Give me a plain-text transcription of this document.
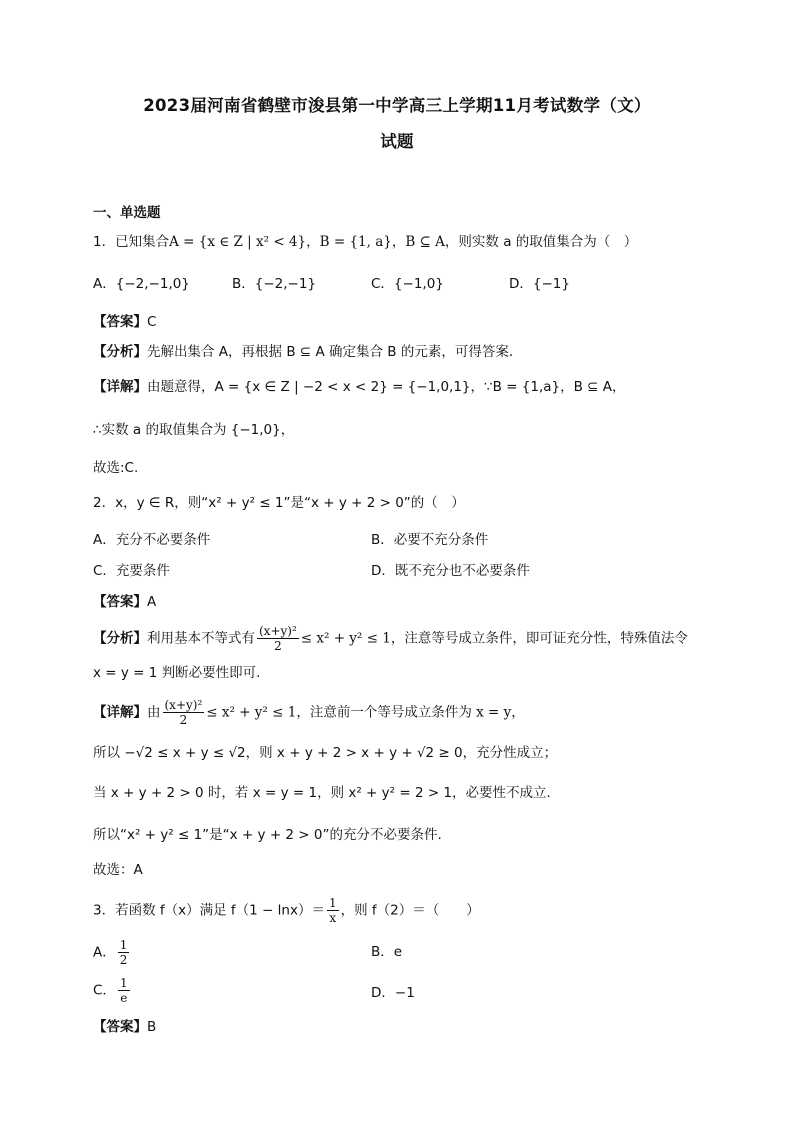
2023届河南省鹤壁市浚县第一中学高三上学期11月考试数学（文）
试题
一、单选题
1．已知集合A = {x ∈ Z | x² < 4}，B = {1, a}，B ⊆ A，则实数 a 的取值集合为（　）
A．{−2,−1,0}	B．{−2,−1}	C．{−1,0}	D．{−1}
【答案】C
【分析】先解出集合 A，再根据 B ⊆ A 确定集合 B 的元素，可得答案.
【详解】由题意得，A = {x ∈ Z | −2 < x < 2} = {−1,0,1}，∵B = {1,a}，B ⊆ A，
∴实数 a 的取值集合为 {−1,0}，
故选:C.
2．x，y ∈ R，则“x² + y² ≤ 1”是“x + y + 2 > 0”的（　）
A．充分不必要条件	B．必要不充分条件
C．充要条件	D．既不充分也不必要条件
【答案】A
【分析】利用基本不等式有 $\frac{\text{(x+y)²}}{2} \le x^2 + y^2 \le 1$，注意等号成立条件，即可证充分性，特殊值法令
x = y = 1 判断必要性即可.
【详解】由 $\frac{\text{(x+y)²}}{2} \le x^2 + y^2 \le 1$，注意前一个等号成立条件为 x = y，
所以 −√2 ≤ x + y ≤ √2，则 x + y + 2 > x + y + √2 ≥ 0，充分性成立；
当 x + y + 2 > 0 时，若 x = y = 1，则 x² + y² = 2 > 1，必要性不成立.
所以“x² + y² ≤ 1”是“x + y + 2 > 0”的充分不必要条件.
故选：A
3．若函数 f（x）满足 $f(1 - \ln x)= \frac{1}{x}$ ，则 f（2）＝（　　）
A． $\frac{1}{2}$	B．e
C． $\frac{1}{e}$	D．−1
【答案】B
